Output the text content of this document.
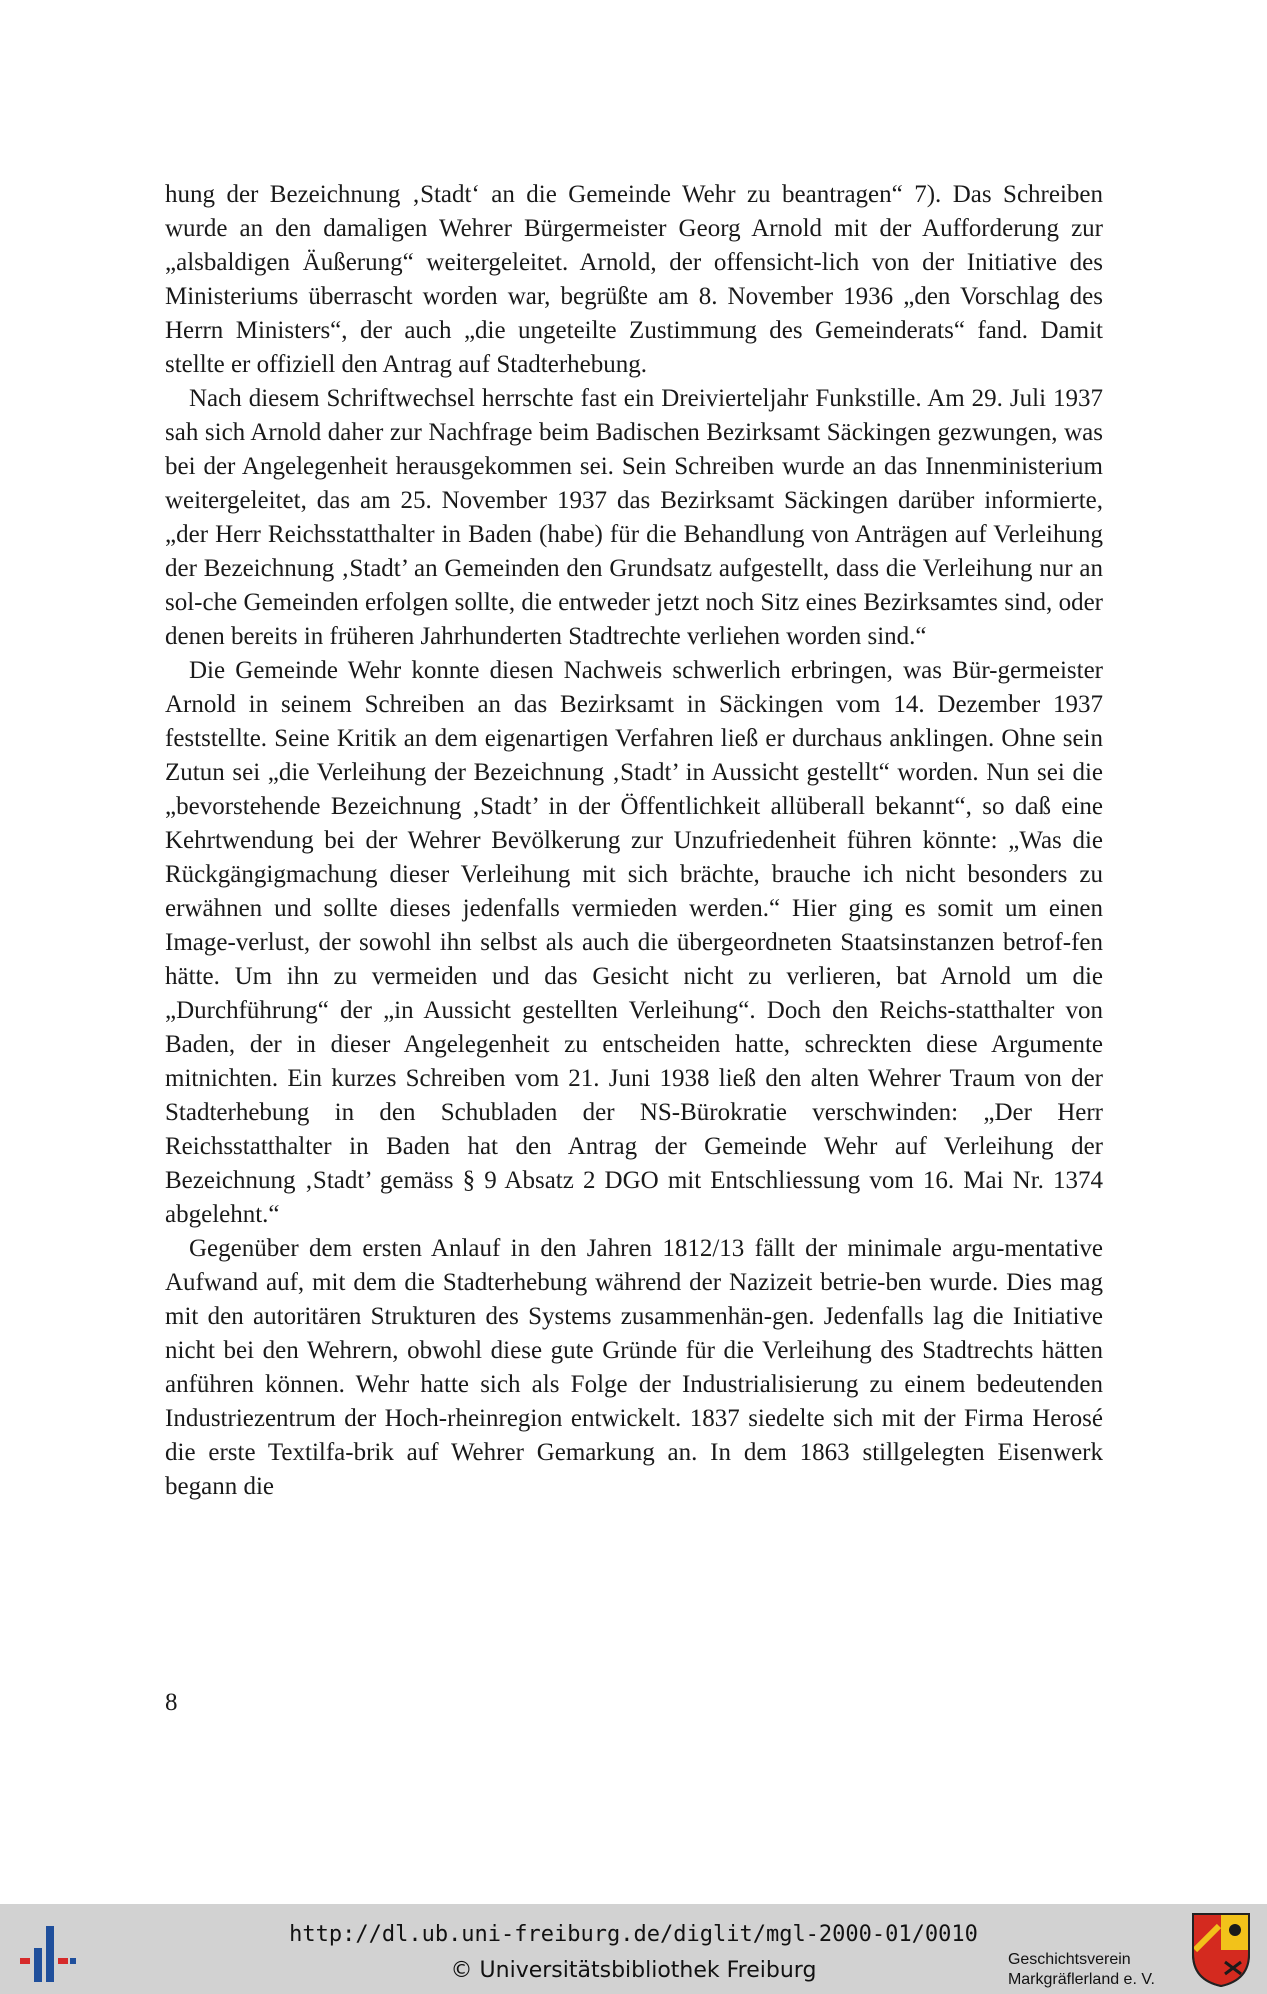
hung der Bezeichnung ‚Stadt‘ an die Gemeinde Wehr zu beantragen“ 7). Das Schreiben wurde an den damaligen Wehrer Bürgermeister Georg Arnold mit der Aufforderung zur „alsbaldigen Äußerung“ weitergeleitet. Arnold, der offensicht-lich von der Initiative des Ministeriums überrascht worden war, begrüßte am 8. November 1936 „den Vorschlag des Herrn Ministers“, der auch „die ungeteilte Zustimmung des Gemeinderats“ fand. Damit stellte er offiziell den Antrag auf Stadterhebung.

Nach diesem Schriftwechsel herrschte fast ein Dreivierteljahr Funkstille. Am 29. Juli 1937 sah sich Arnold daher zur Nachfrage beim Badischen Bezirksamt Säckingen gezwungen, was bei der Angelegenheit herausgekommen sei. Sein Schreiben wurde an das Innenministerium weitergeleitet, das am 25. November 1937 das Bezirksamt Säckingen darüber informierte, „der Herr Reichsstatthalter in Baden (habe) für die Behandlung von Anträgen auf Verleihung der Bezeichnung ‚Stadt’ an Gemeinden den Grundsatz aufgestellt, dass die Verleihung nur an sol-che Gemeinden erfolgen sollte, die entweder jetzt noch Sitz eines Bezirksamtes sind, oder denen bereits in früheren Jahrhunderten Stadtrechte verliehen worden sind.“

Die Gemeinde Wehr konnte diesen Nachweis schwerlich erbringen, was Bür-germeister Arnold in seinem Schreiben an das Bezirksamt in Säckingen vom 14. Dezember 1937 feststellte. Seine Kritik an dem eigenartigen Verfahren ließ er durchaus anklingen. Ohne sein Zutun sei „die Verleihung der Bezeichnung ‚Stadt’ in Aussicht gestellt“ worden. Nun sei die „bevorstehende Bezeichnung ‚Stadt’ in der Öffentlichkeit allüberall bekannt“, so daß eine Kehrtwendung bei der Wehrer Bevölkerung zur Unzufriedenheit führen könnte: „Was die Rückgängigmachung dieser Verleihung mit sich brächte, brauche ich nicht besonders zu erwähnen und sollte dieses jedenfalls vermieden werden.“ Hier ging es somit um einen Image-verlust, der sowohl ihn selbst als auch die übergeordneten Staatsinstanzen betrof-fen hätte. Um ihn zu vermeiden und das Gesicht nicht zu verlieren, bat Arnold um die „Durchführung“ der „in Aussicht gestellten Verleihung“. Doch den Reichs-statthalter von Baden, der in dieser Angelegenheit zu entscheiden hatte, schreckten diese Argumente mitnichten. Ein kurzes Schreiben vom 21. Juni 1938 ließ den alten Wehrer Traum von der Stadterhebung in den Schubladen der NS-Bürokratie verschwinden: „Der Herr Reichsstatthalter in Baden hat den Antrag der Gemeinde Wehr auf Verleihung der Bezeichnung ‚Stadt’ gemäss § 9 Absatz 2 DGO mit Entschliessung vom 16. Mai Nr. 1374 abgelehnt.“

Gegenüber dem ersten Anlauf in den Jahren 1812/13 fällt der minimale argu-mentative Aufwand auf, mit dem die Stadterhebung während der Nazizeit betrie-ben wurde. Dies mag mit den autoritären Strukturen des Systems zusammenhän-gen. Jedenfalls lag die Initiative nicht bei den Wehrern, obwohl diese gute Gründe für die Verleihung des Stadtrechts hätten anführen können. Wehr hatte sich als Folge der Industrialisierung zu einem bedeutenden Industriezentrum der Hoch-rheinregion entwickelt. 1837 siedelte sich mit der Firma Herosé die erste Textilfa-brik auf Wehrer Gemarkung an. In dem 1863 stillgelegten Eisenwerk begann die

8
http://dl.ub.uni-freiburg.de/diglit/mgl-2000-01/0010
© Universitätsbibliothek Freiburg	Geschichtsverein
Markgräflerland e. V.
